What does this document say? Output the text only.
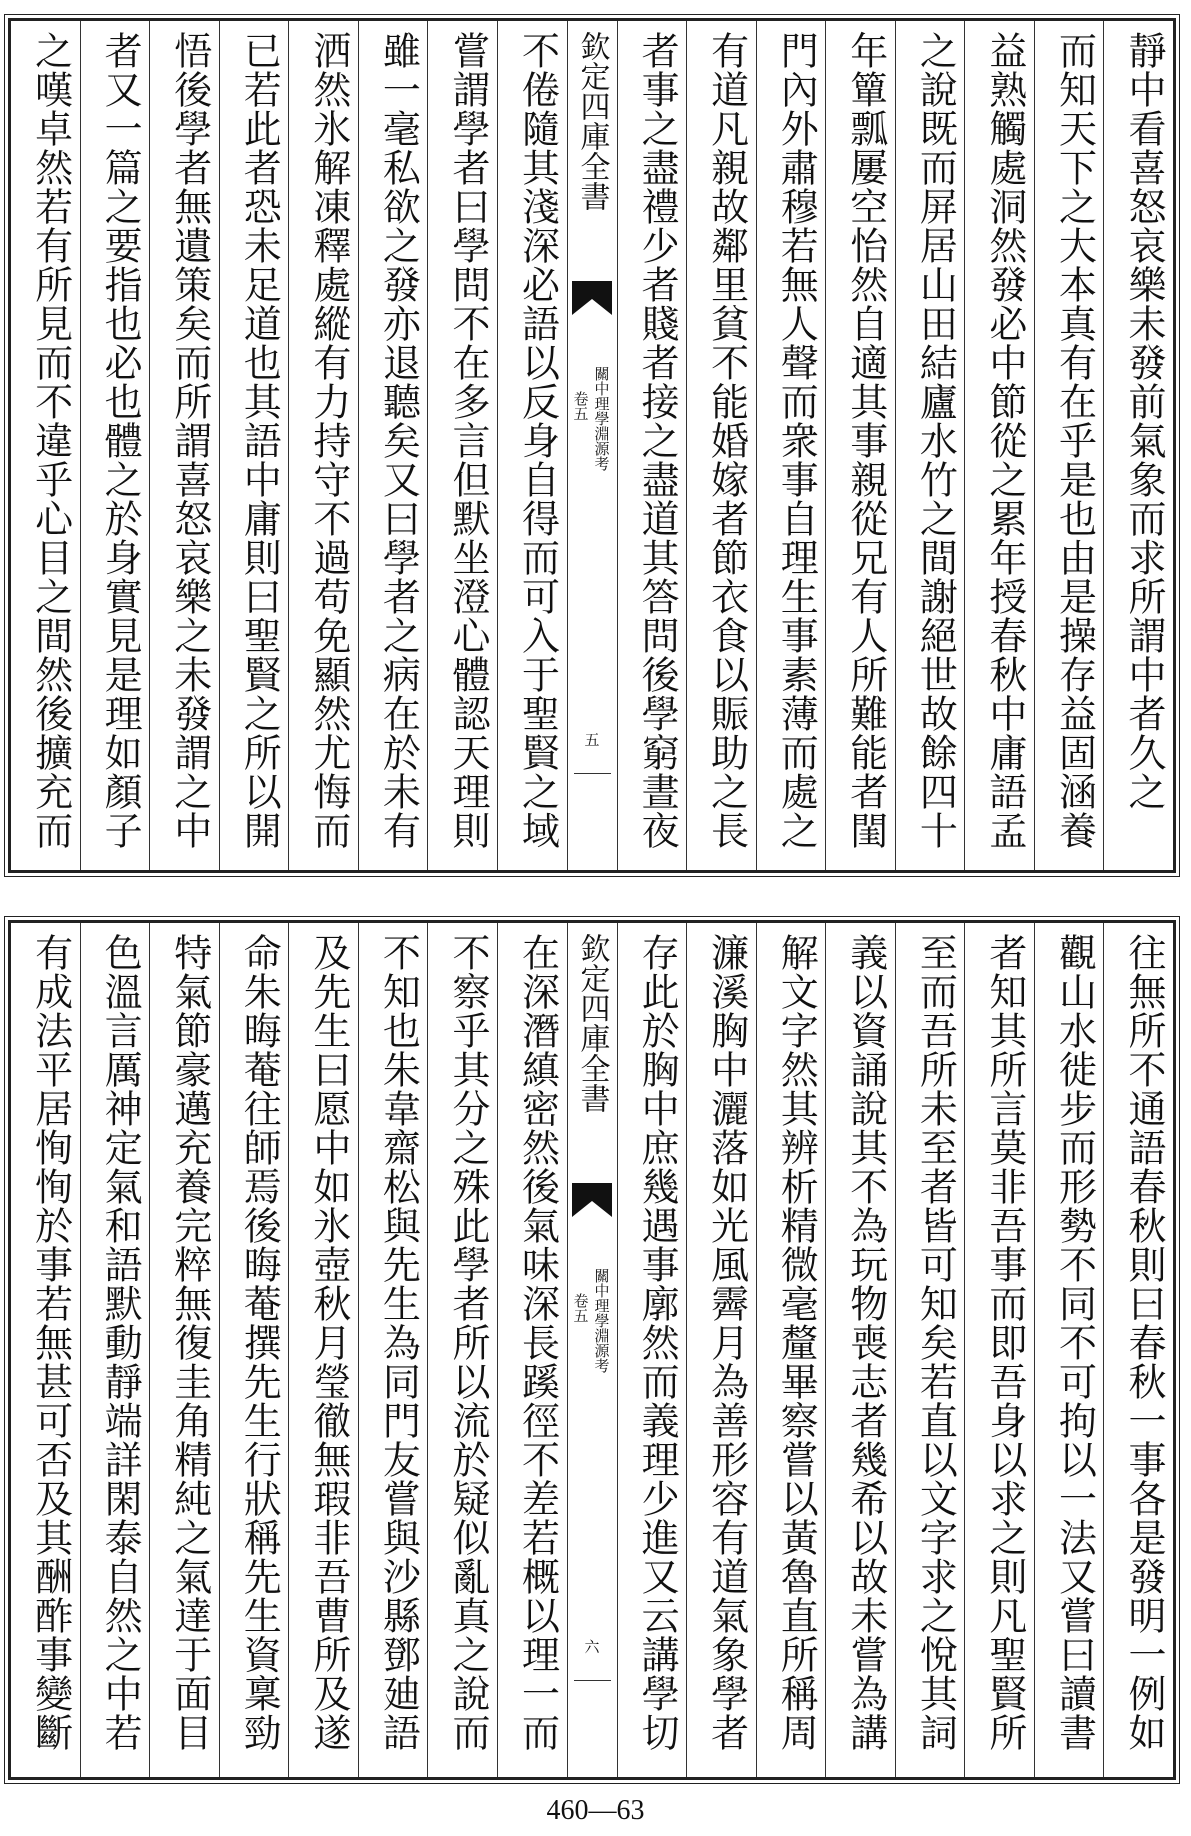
靜中看喜怒哀樂未發前氣象而求所謂中者久之
而知天下之大本真有在乎是也由是操存益固涵養
益熟觸處洞然發必中節從之累年授春秋中庸語孟
之說既而屏居山田結廬水竹之間謝絕世故餘四十
年簞瓢屢空怡然自適其事親從兄有人所難能者閨
門內外肅穆若無人聲而衆事自理生事素薄而處之
有道凡親故鄰里貧不能婚嫁者節衣食以賑助之長
者事之盡禮少者賤者接之盡道其答問後學窮晝夜
欽定四庫全書
關中理學淵源考
卷五
五
不倦隨其淺深必語以反身自得而可入于聖賢之域
嘗謂學者曰學問不在多言但默坐澄心體認天理則
雖一毫私欲之發亦退聽矣又曰學者之病在於未有
洒然氷解凍釋處縱有力持守不過苟免顯然尤悔而
已若此者恐未足道也其語中庸則曰聖賢之所以開
悟後學者無遺策矣而所謂喜怒哀樂之未發謂之中
者又一篇之要指也必也體之於身實見是理如顏子
之嘆卓然若有所見而不違乎心目之間然後擴充而
往無所不通語春秋則曰春秋一事各是發明一例如
觀山水徙步而形勢不同不可拘以一法又嘗曰讀書
者知其所言莫非吾事而即吾身以求之則凡聖賢所
至而吾所未至者皆可知矣若直以文字求之悅其詞
義以資誦說其不為玩物喪志者幾希以故未嘗為講
解文字然其辨析精微毫釐畢察嘗以黃魯直所稱周
濂溪胸中灑落如光風霽月為善形容有道氣象學者
存此於胸中庶幾遇事廓然而義理少進又云講學切
欽定四庫全書
關中理學淵源考
卷五
六
在深潛縝密然後氣味深長蹊徑不差若概以理一而
不察乎其分之殊此學者所以流於疑似亂真之說而
不知也朱韋齋松與先生為同門友嘗與沙縣鄧廸語
及先生曰愿中如氷壺秋月瑩徹無瑕非吾曹所及遂
命朱晦菴往師焉後晦菴撰先生行狀稱先生資稟勁
特氣節豪邁充養完粹無復圭角精純之氣達于面目
色溫言厲神定氣和語默動靜端詳閑泰自然之中若
有成法平居恂恂於事若無甚可否及其酬酢事變斷
460—63
